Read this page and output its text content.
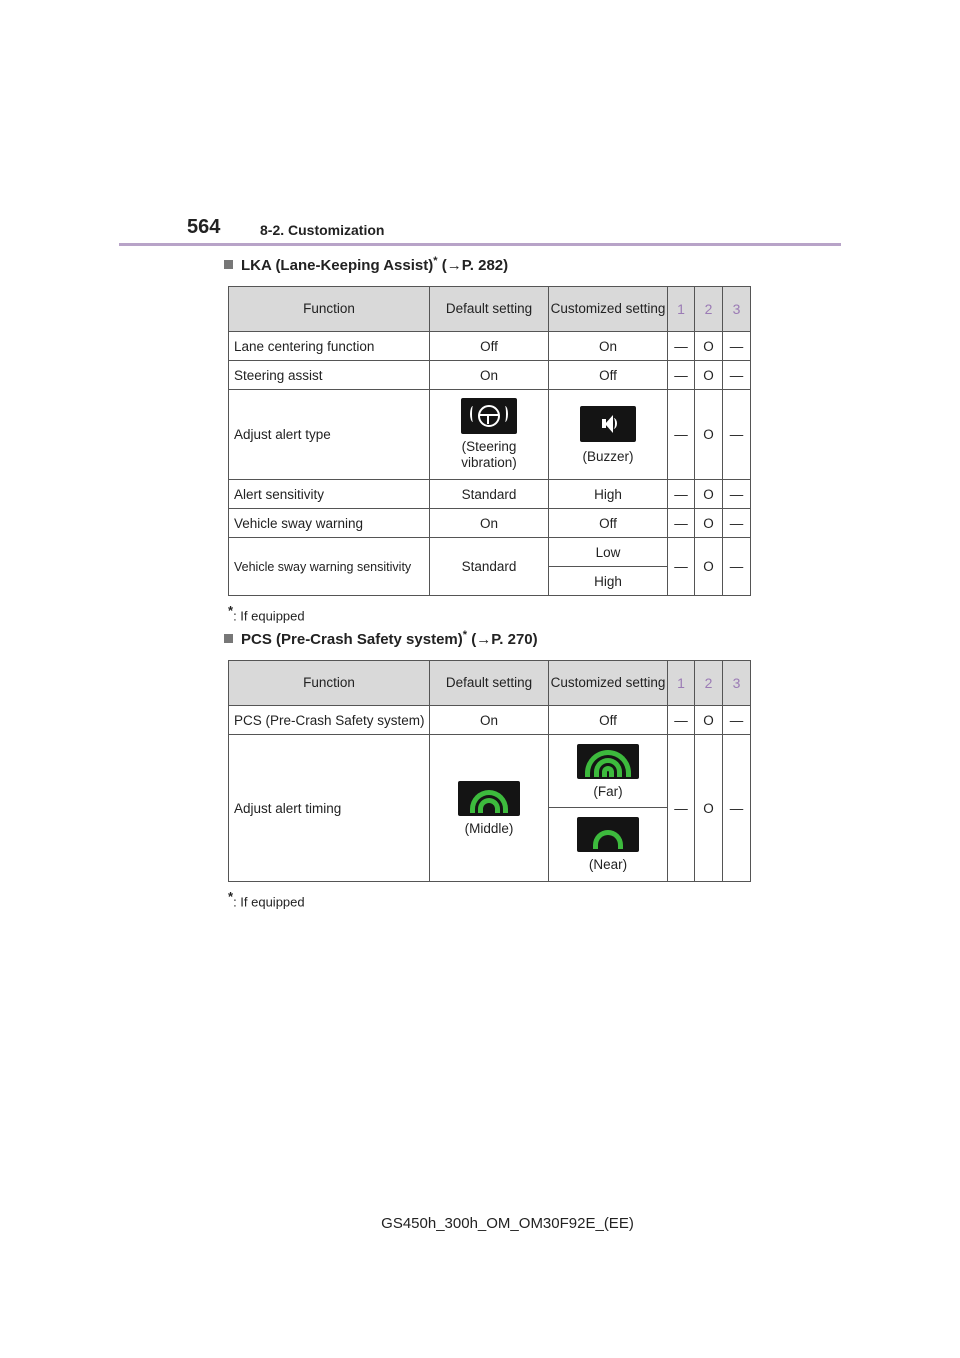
564	8-2. Customization
LKA (Lane-Keeping Assist)* (→P. 282)
Function	Default setting	Customized setting	1	2	3
Lane centering function	Off	On	—	O	—
Steering assist	On	Off	—	O	—
Adjust alert type	(Steering vibration)	(Buzzer)	—	O	—
Alert sensitivity	Standard	High	—	O	—
Vehicle sway warning	On	Off	—	O	—
Vehicle sway warning sensitivity	Standard	Low	—	O	—
		High			
*: If equipped
PCS (Pre-Crash Safety system)* (→P. 270)
Function	Default setting	Customized setting	1	2	3
PCS (Pre-Crash Safety system)	On	Off	—	O	—
Adjust alert timing	(Middle)	(Far)	—	O	—

		(Near)			
*: If equipped
GS450h_300h_OM_OM30F92E_(EE)
